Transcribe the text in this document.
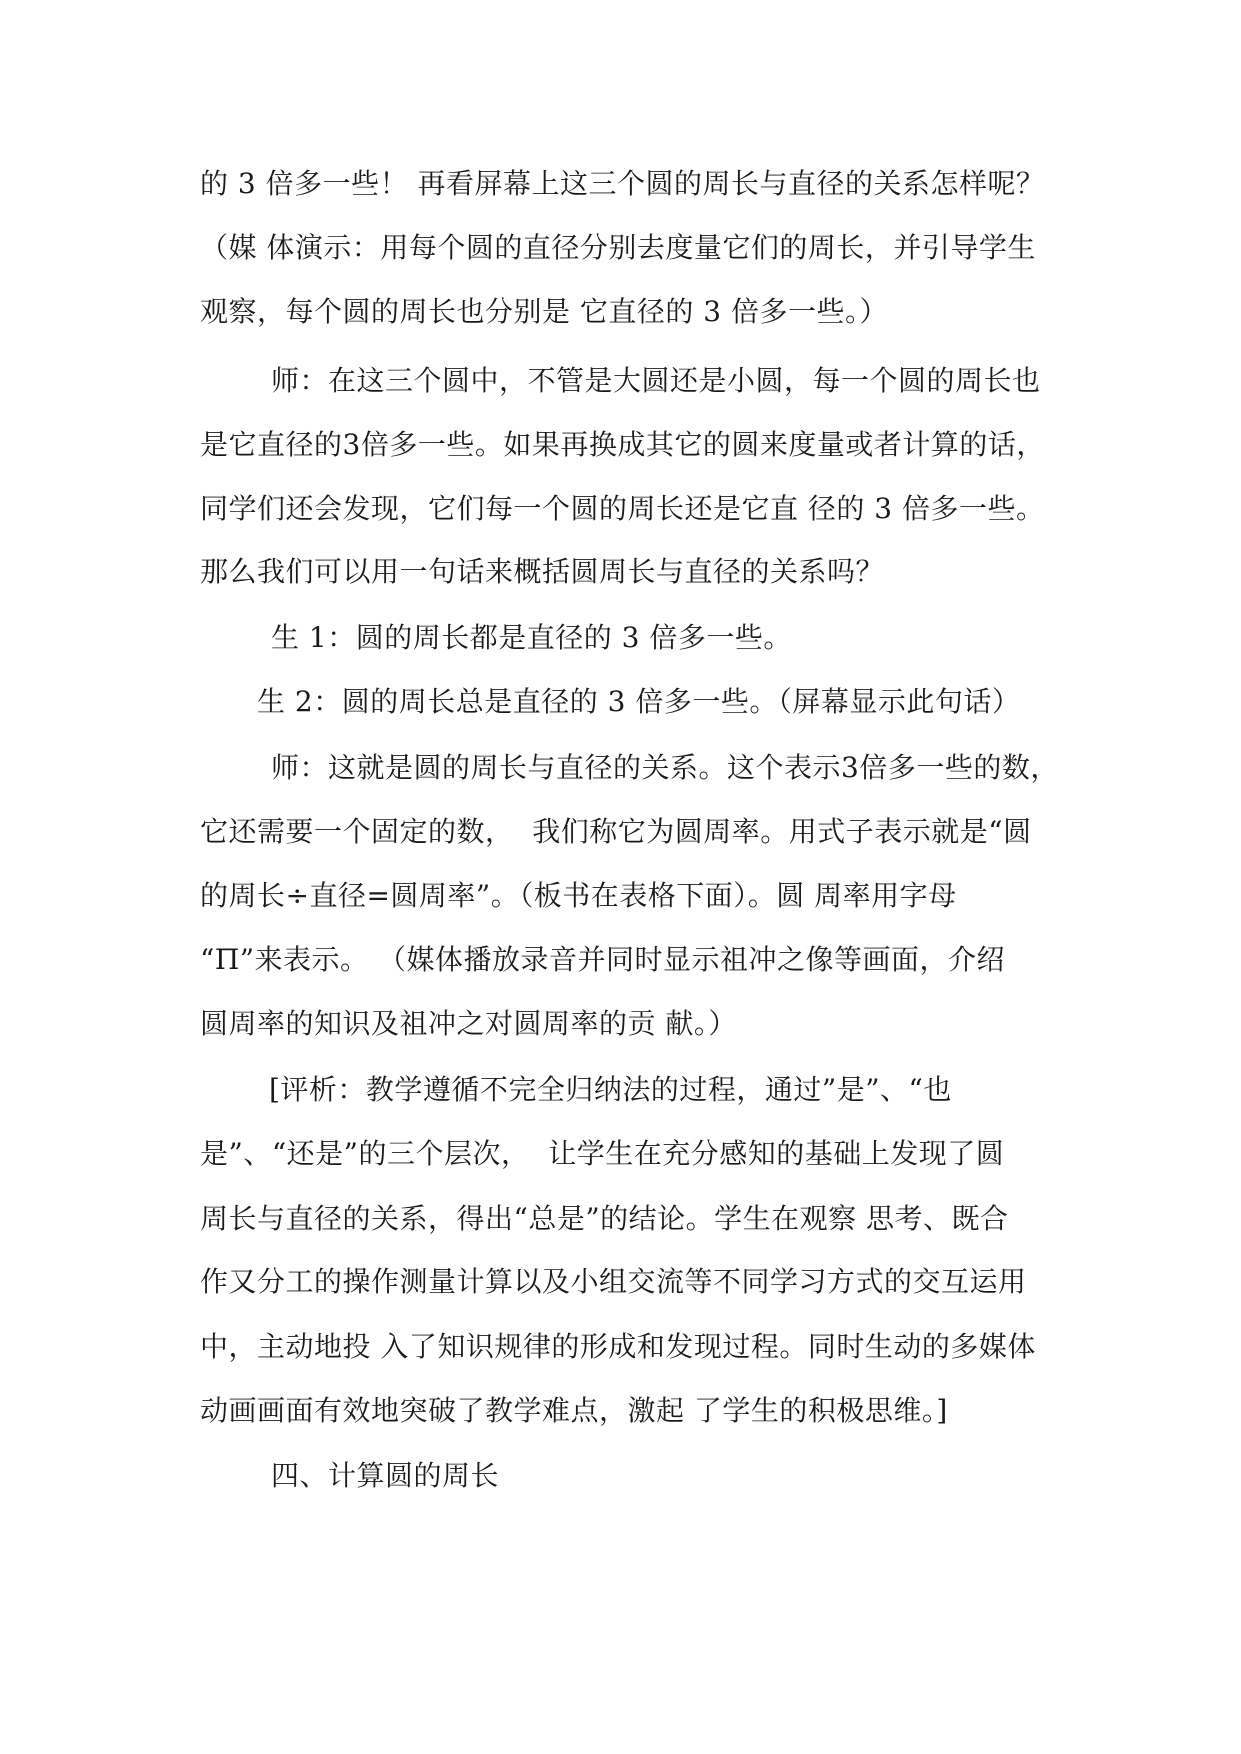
的 3 倍多一些！ 再看屏幕上这三个圆的周长与直径的关系怎样呢？
（媒 体演示：用每个圆的直径分别去度量它们的周长，并引导学生
观察，每个圆的周长也分别是 它直径的 3 倍多一些。）
师：在这三个圆中，不管是大圆还是小圆，每一个圆的周长也
是它直径的3倍多一些。如果再换成其它的圆来度量或者计算的话，
同学们还会发现，它们每一个圆的周长还是它直 径的 3 倍多一些。
那么我们可以用一句话来概括圆周长与直径的关系吗？
生 1：圆的周长都是直径的 3 倍多一些。
生 2：圆的周长总是直径的 3 倍多一些。（屏幕显示此句话）
师：这就是圆的周长与直径的关系。这个表示3倍多一些的数，
它还需要一个固定的数，  我们称它为圆周率。用式子表示就是“圆
的周长÷直径=圆周率”。（板书在表格下面）。圆 周率用字母
“Π”来表示。 （媒体播放录音并同时显示祖冲之像等画面，介绍
圆周率的知识及祖冲之对圆周率的贡 献。）
[评析：教学遵循不完全归纳法的过程，通过”是”、“也
是”、“还是”的三个层次，  让学生在充分感知的基础上发现了圆
周长与直径的关系，得出“总是”的结论。学生在观察 思考、既合
作又分工的操作测量计算以及小组交流等不同学习方式的交互运用
中，主动地投 入了知识规律的形成和发现过程。同时生动的多媒体
动画画面有效地突破了教学难点，激起 了学生的积极思维。]
四、计算圆的周长
